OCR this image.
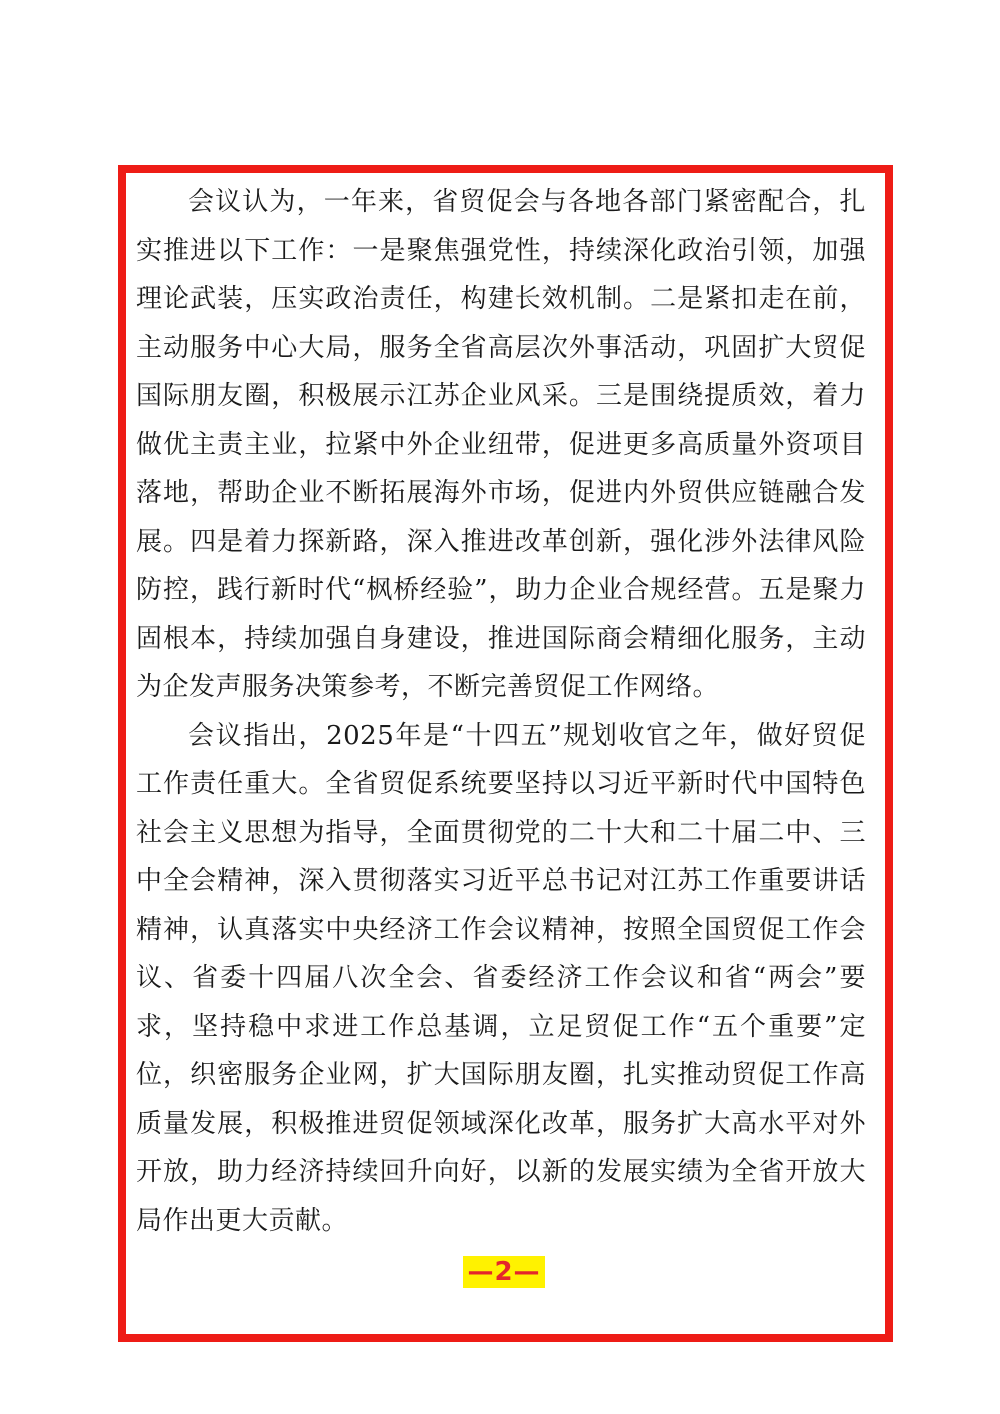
会议认为，一年来，省贸促会与各地各部门紧密配合，扎实推进以下工作：一是聚焦强党性，持续深化政治引领，加强理论武装，压实政治责任，构建长效机制。二是紧扣走在前，主动服务中心大局，服务全省高层次外事活动，巩固扩大贸促国际朋友圈，积极展示江苏企业风采。三是围绕提质效，着力做优主责主业，拉紧中外企业纽带，促进更多高质量外资项目落地，帮助企业不断拓展海外市场，促进内外贸供应链融合发展。四是着力探新路，深入推进改革创新，强化涉外法律风险防控，践行新时代“枫桥经验”，助力企业合规经营。五是聚力固根本，持续加强自身建设，推进国际商会精细化服务，主动为企发声服务决策参考，不断完善贸促工作网络。

会议指出，2025年是“十四五”规划收官之年，做好贸促工作责任重大。全省贸促系统要坚持以习近平新时代中国特色社会主义思想为指导，全面贯彻党的二十大和二十届二中、三中全会精神，深入贯彻落实习近平总书记对江苏工作重要讲话精神，认真落实中央经济工作会议精神，按照全国贸促工作会议、省委十四届八次全会、省委经济工作会议和省“两会”要求，坚持稳中求进工作总基调，立足贸促工作“五个重要”定位，织密服务企业网，扩大国际朋友圈，扎实推动贸促工作高质量发展，积极推进贸促领域深化改革，服务扩大高水平对外开放，助力经济持续回升向好，以新的发展实绩为全省开放大局作出更大贡献。

—2—
